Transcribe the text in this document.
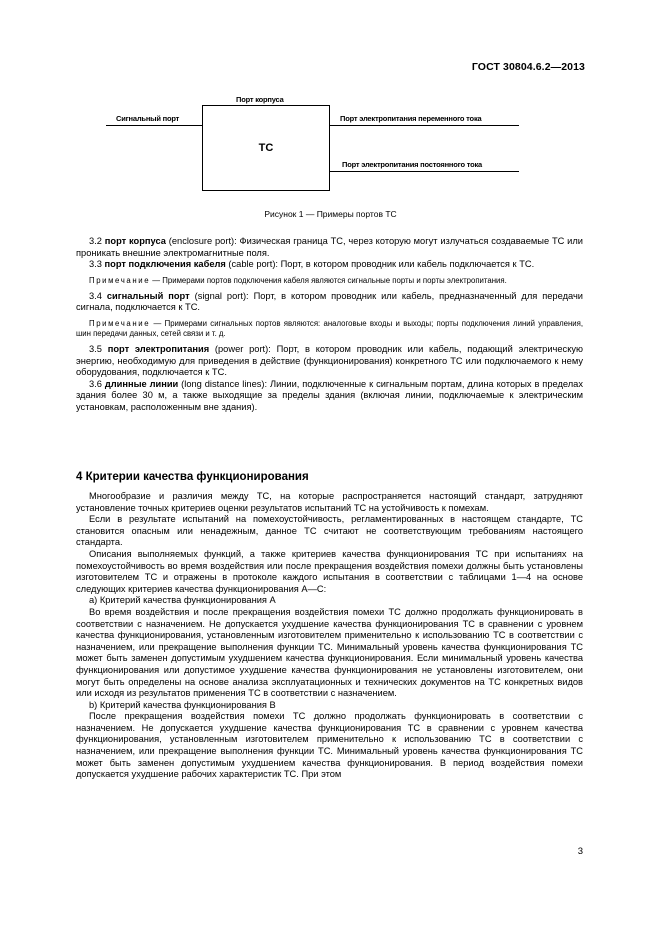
ГОСТ 30804.6.2—2013
Порт корпуса
Сигнальный порт
ТС
Порт электропитания переменного тока
Порт электропитания постоянного тока
Рисунок 1 — Примеры портов ТС

3.2 порт корпуса (enclosure port): Физическая граница ТС, через которую могут излучаться создаваемые ТС или проникать внешние электромагнитные поля.

3.3 порт подключения кабеля (cable port): Порт, в котором проводник или кабель подключается к ТС.

Примечание — Примерами портов подключения кабеля являются сигнальные порты и порты электропитания.

3.4 сигнальный порт (signal port): Порт, в котором проводник или кабель, предназначенный для передачи сигнала, подключается к ТС.

Примечание — Примерами сигнальных портов являются: аналоговые входы и выходы; порты подключения линий управления, шин передачи данных, сетей связи и т. д.

3.5 порт электропитания (power port): Порт, в котором проводник или кабель, подающий электрическую энергию, необходимую для приведения в действие (функционирования) конкретного ТС или подключаемого к нему оборудования, подключается к ТС.

3.6 длинные линии (long distance lines): Линии, подключенные к сигнальным портам, длина которых в пределах здания более 30 м, а также выходящие за пределы здания (включая линии, подключаемые к электрическим установкам, расположенным вне здания).

4 Критерии качества функционирования

Многообразие и различия между ТС, на которые распространяется настоящий стандарт, затрудняют установление точных критериев оценки результатов испытаний ТС на устойчивость к помехам.

Если в результате испытаний на помехоустойчивость, регламентированных в настоящем стандарте, ТС становится опасным или ненадежным, данное ТС считают не соответствующим требованиям настоящего стандарта.

Описания выполняемых функций, а также критериев качества функционирования ТС при испытаниях на помехоустойчивость во время воздействия или после прекращения воздействия помехи должны быть установлены изготовителем ТС и отражены в протоколе каждого испытания в соответствии с таблицами 1—4 на основе следующих критериев качества функционирования А—С:

a) Критерий качества функционирования А

Во время воздействия и после прекращения воздействия помехи ТС должно продолжать функционировать в соответствии с назначением. Не допускается ухудшение качества функционирования ТС в сравнении с уровнем качества функционирования, установленным изготовителем применительно к использованию ТС в соответствии с назначением, или прекращение выполнения функции ТС. Минимальный уровень качества функционирования ТС может быть заменен допустимым ухудшением качества функционирования. Если минимальный уровень качества функционирования или допустимое ухудшение качества функционирования не установлены изготовителем, они могут быть определены на основе анализа эксплуатационных и технических документов на ТС конкретных видов или исходя из результатов применения ТС в соответствии с назначением.

b) Критерий качества функционирования В

После прекращения воздействия помехи ТС должно продолжать функционировать в соответствии с назначением. Не допускается ухудшение качества функционирования ТС в сравнении с уровнем качества функционирования, установленным изготовителем применительно к использованию ТС в соответствии с назначением, или прекращение выполнения функции ТС. Минимальный уровень качества функционирования ТС может быть заменен допустимым ухудшением качества функционирования. В период воздействия помехи допускается ухудшение рабочих характеристик ТС. При этом

3
